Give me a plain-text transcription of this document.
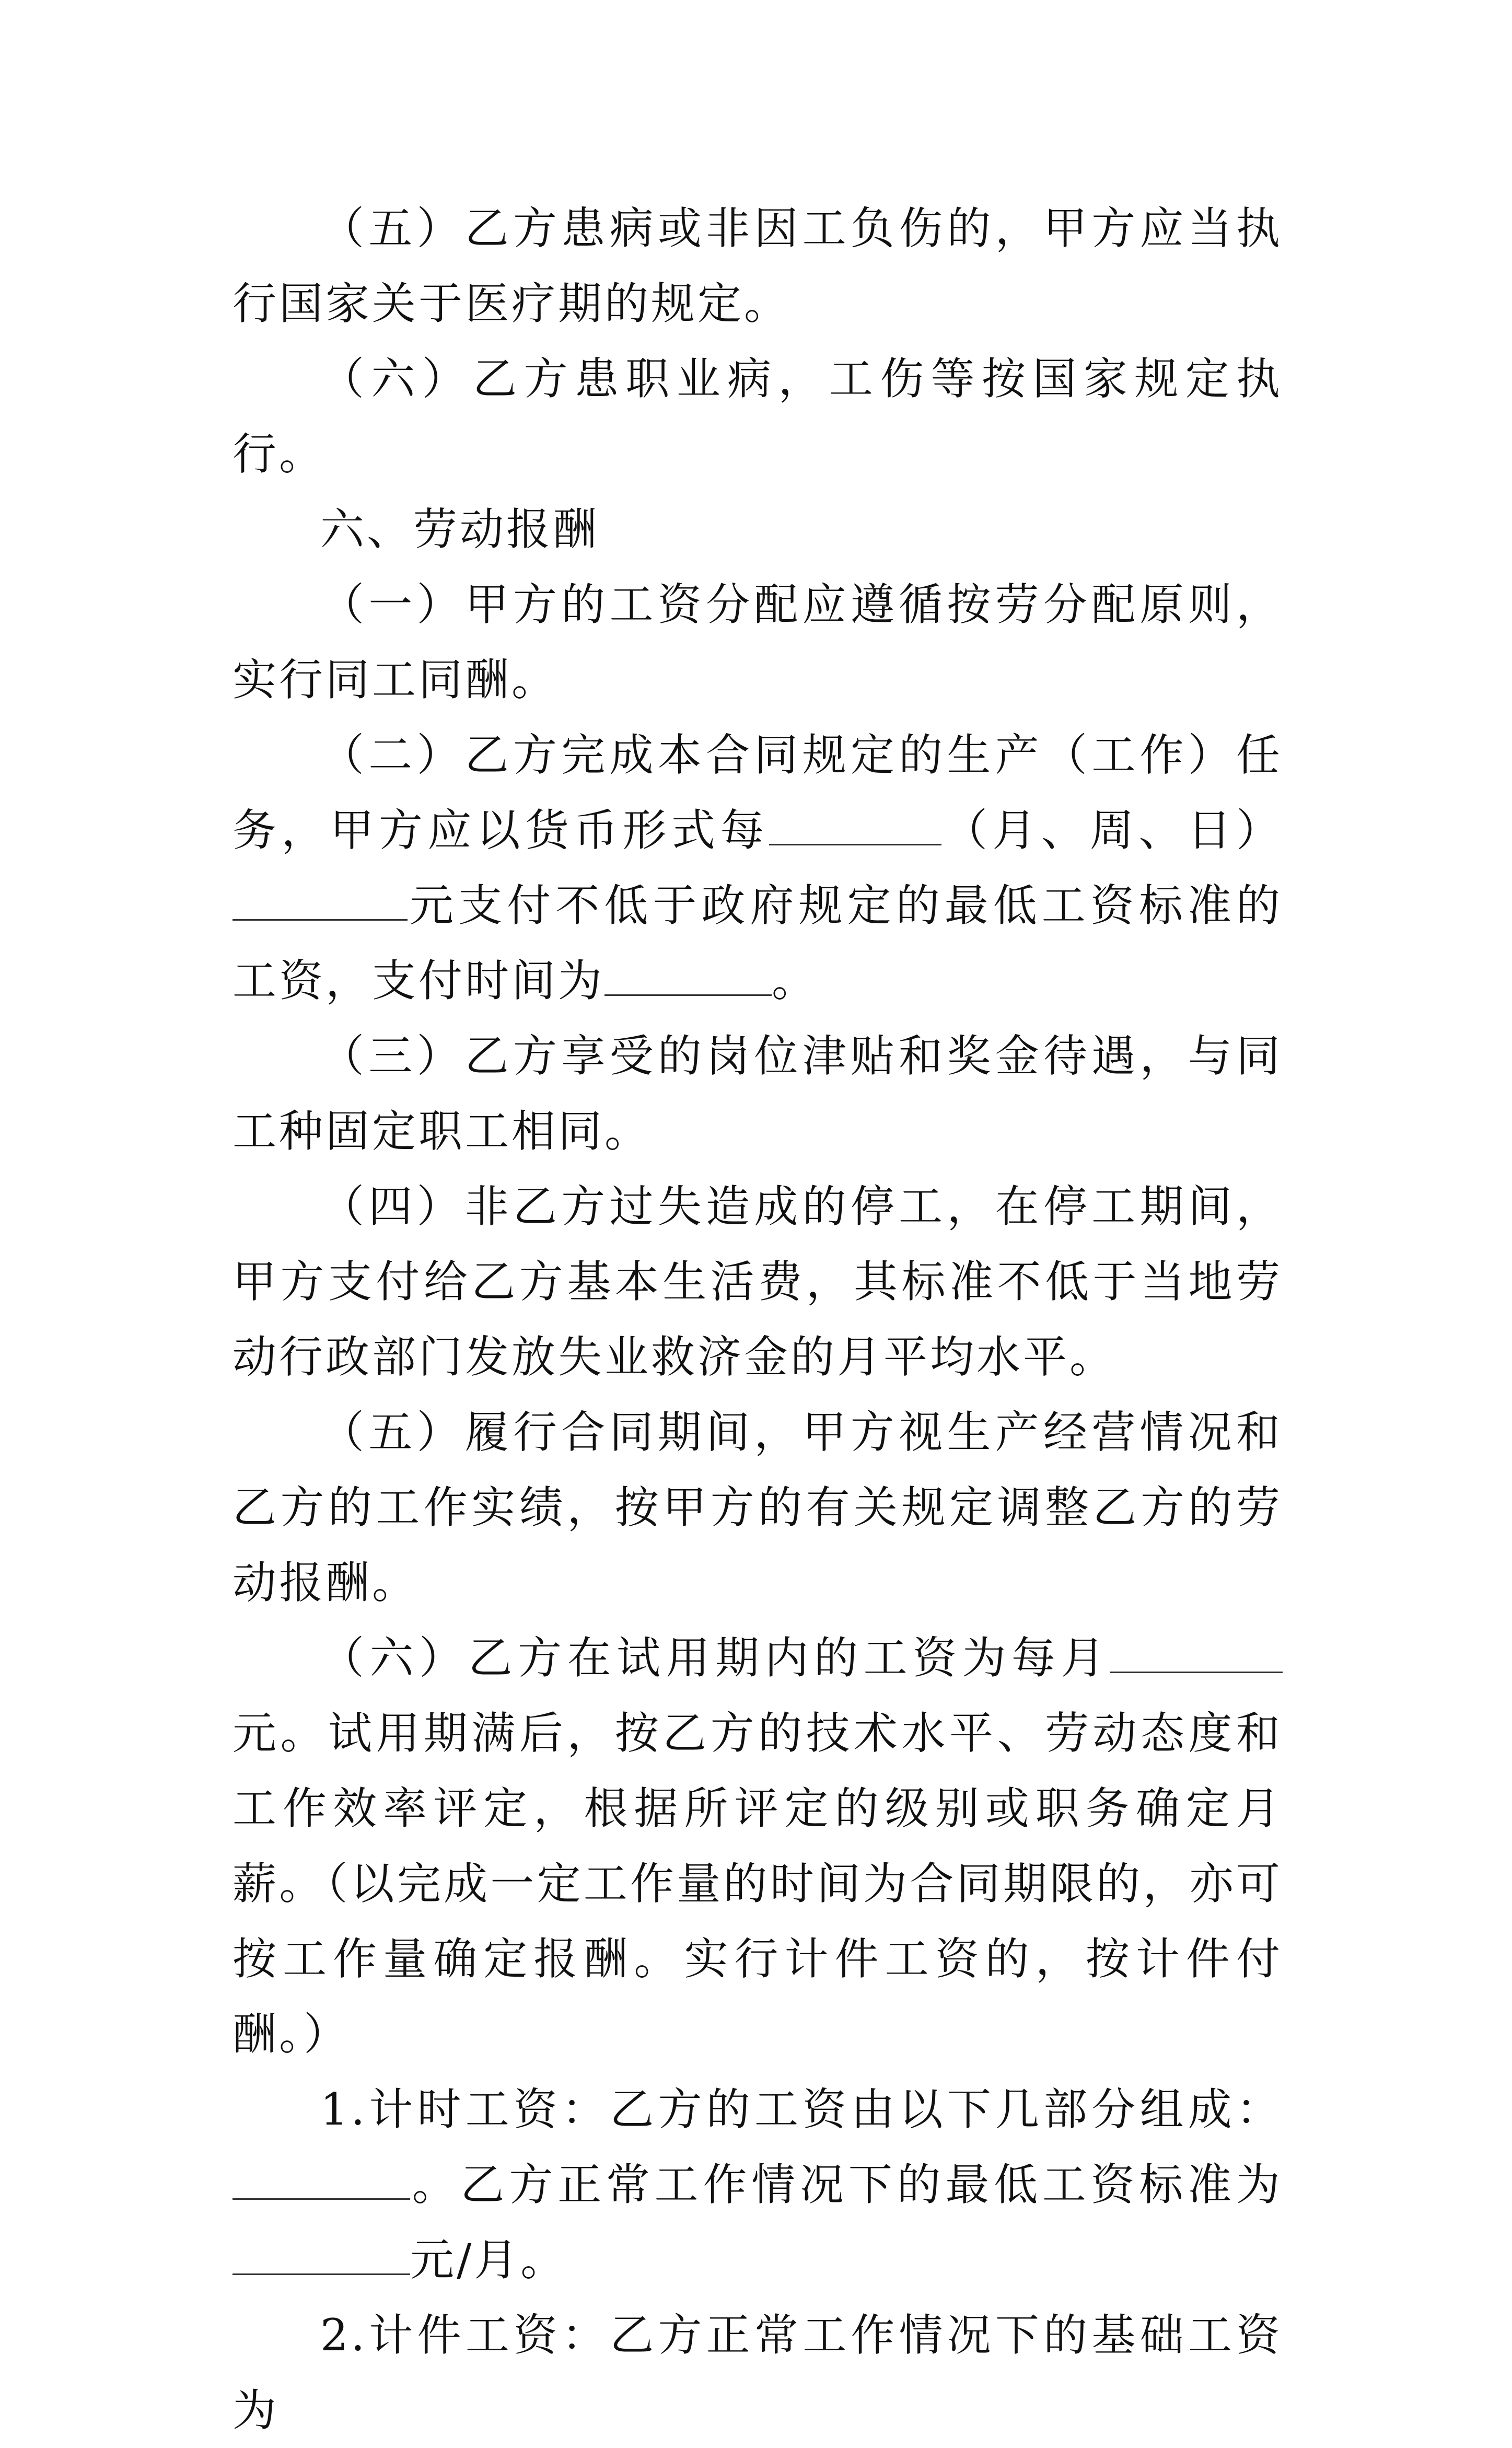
（五）乙方患病或非因工负伤的，甲方应当执行国家关于医疗期的规定。

（六）乙方患职业病，工伤等按国家规定执行。

六、劳动报酬

（一）甲方的工资分配应遵循按劳分配原则，实行同工同酬。

（二）乙方完成本合同规定的生产（工作）任务，甲方应以货币形式每	（月、周、日）元支付不低于政府规定的最低工资标准的工资，支付时间为	。

（三）乙方享受的岗位津贴和奖金待遇，与同工种固定职工相同。

（四）非乙方过失造成的停工，在停工期间，甲方支付给乙方基本生活费，其标准不低于当地劳动行政部门发放失业救济金的月平均水平。

（五）履行合同期间，甲方视生产经营情况和乙方的工作实绩，按甲方的有关规定调整乙方的劳动报酬。

（六）乙方在试用期内的工资为每月元。试用期满后，按乙方的技术水平、劳动态度和工作效率评定，根据所评定的级别或职务确定月薪。（以完成一定工作量的时间为合同期限的，亦可按工作量确定报酬。实行计件工资的，按计件付酬。）

1.计时工资：乙方的工资由以下几部分组成：。乙方正常工作情况下的最低工资标准为元/月。

2.计件工资：乙方正常工作情况下的基础工资为
